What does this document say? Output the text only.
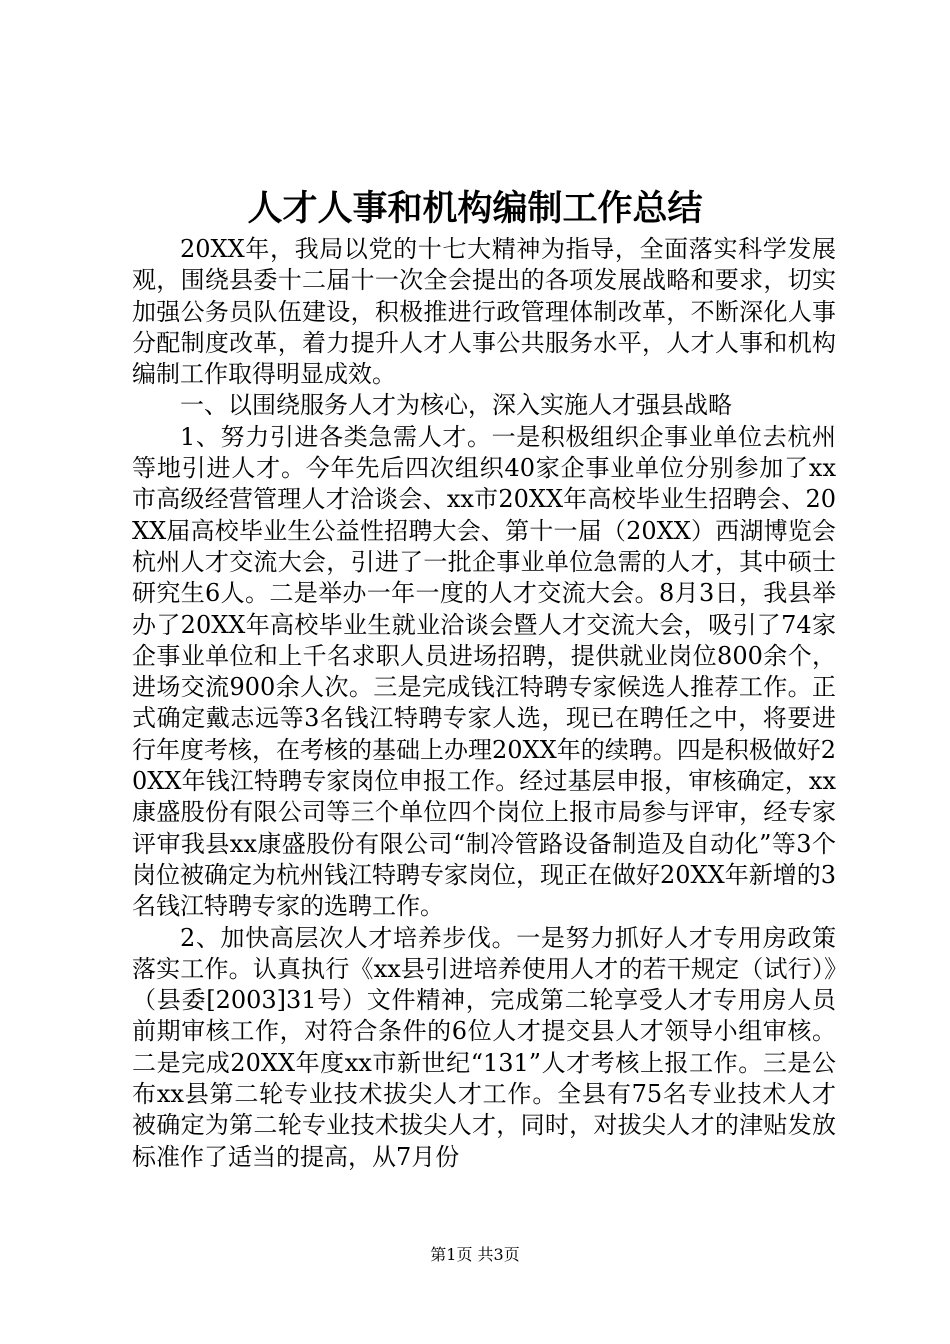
人才人事和机构编制工作总结

20XX年，我局以党的十七大精神为指导，全面落实科学发展观，围绕县委十二届十一次全会提出的各项发展战略和要求，切实加强公务员队伍建设，积极推进行政管理体制改革，不断深化人事分配制度改革，着力提升人才人事公共服务水平，人才人事和机构编制工作取得明显成效。

一、以围绕服务人才为核心，深入实施人才强县战略

1、努力引进各类急需人才。一是积极组织企事业单位去杭州等地引进人才。今年先后四次组织40家企事业单位分别参加了xx市高级经营管理人才洽谈会、xx市20XX年高校毕业生招聘会、20XX届高校毕业生公益性招聘大会、第十一届（20XX）西湖博览会杭州人才交流大会，引进了一批企事业单位急需的人才，其中硕士研究生6人。二是举办一年一度的人才交流大会。8月3日，我县举办了20XX年高校毕业生就业洽谈会暨人才交流大会，吸引了74家企事业单位和上千名求职人员进场招聘，提供就业岗位800余个，进场交流900余人次。三是完成钱江特聘专家候选人推荐工作。正式确定戴志远等3名钱江特聘专家人选，现已在聘任之中，将要进行年度考核，在考核的基础上办理20XX年的续聘。四是积极做好20XX年钱江特聘专家岗位申报工作。经过基层申报，审核确定，xx康盛股份有限公司等三个单位四个岗位上报市局参与评审，经专家评审我县xx康盛股份有限公司“制冷管路设备制造及自动化”等3个岗位被确定为杭州钱江特聘专家岗位，现正在做好20XX年新增的3名钱江特聘专家的选聘工作。

2、加快高层次人才培养步伐。一是努力抓好人才专用房政策落实工作。认真执行《xx县引进培养使用人才的若干规定（试行）》（县委[2003]31号）文件精神，完成第二轮享受人才专用房人员前期审核工作，对符合条件的6位人才提交县人才领导小组审核。二是完成20XX年度xx市新世纪“131”人才考核上报工作。三是公布xx县第二轮专业技术拔尖人才工作。全县有75名专业技术人才被确定为第二轮专业技术拔尖人才，同时，对拔尖人才的津贴发放标准作了适当的提高，从7月份

第1页 共3页
